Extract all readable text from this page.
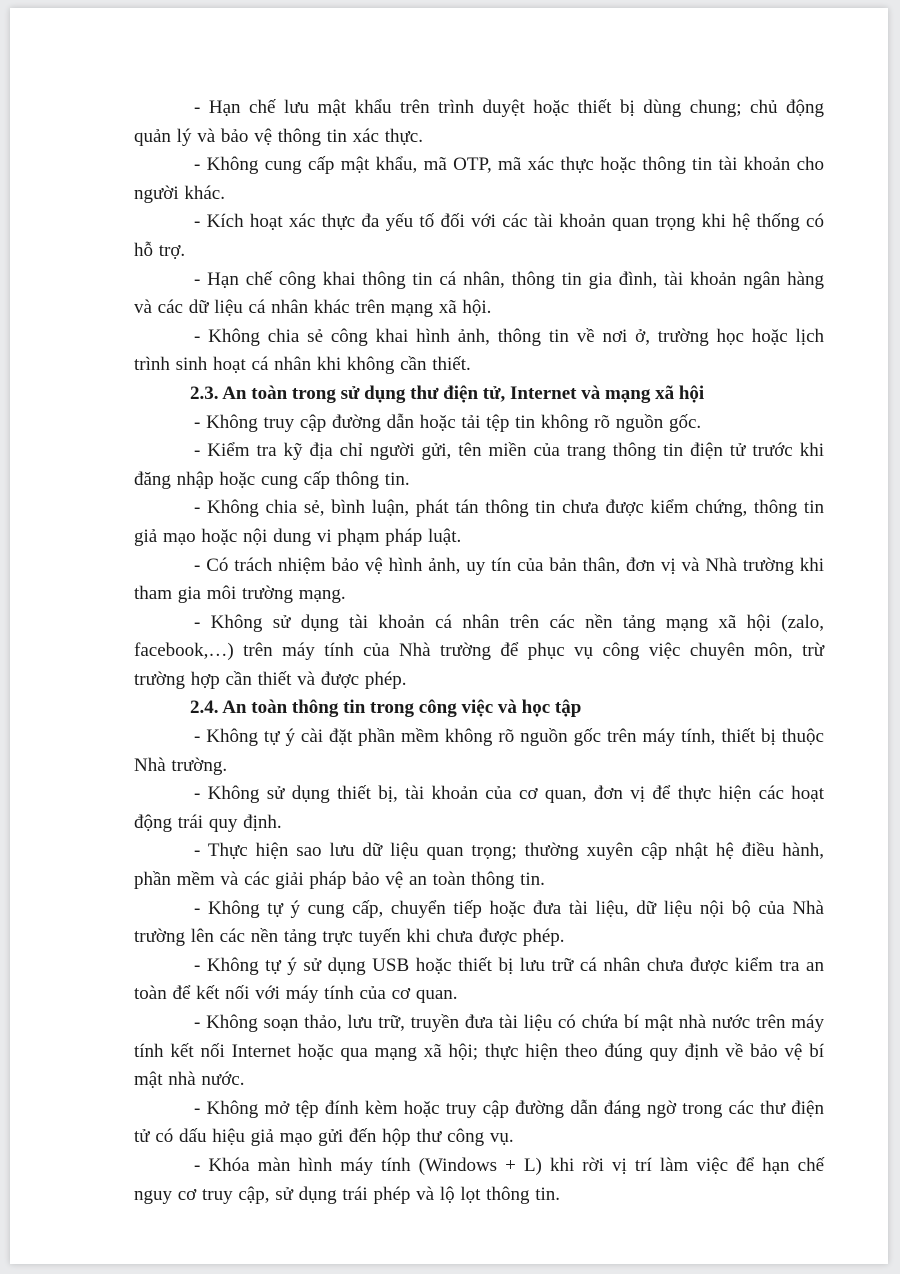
- Hạn chế lưu mật khẩu trên trình duyệt hoặc thiết bị dùng chung; chủ động quản lý và bảo vệ thông tin xác thực.

- Không cung cấp mật khẩu, mã OTP, mã xác thực hoặc thông tin tài khoản cho người khác.

- Kích hoạt xác thực đa yếu tố đối với các tài khoản quan trọng khi hệ thống có hỗ trợ.

- Hạn chế công khai thông tin cá nhân, thông tin gia đình, tài khoản ngân hàng và các dữ liệu cá nhân khác trên mạng xã hội.

- Không chia sẻ công khai hình ảnh, thông tin về nơi ở, trường học hoặc lịch trình sinh hoạt cá nhân khi không cần thiết.

2.3. An toàn trong sử dụng thư điện tử, Internet và mạng xã hội

- Không truy cập đường dẫn hoặc tải tệp tin không rõ nguồn gốc.

- Kiểm tra kỹ địa chỉ người gửi, tên miền của trang thông tin điện tử trước khi đăng nhập hoặc cung cấp thông tin.

- Không chia sẻ, bình luận, phát tán thông tin chưa được kiểm chứng, thông tin giả mạo hoặc nội dung vi phạm pháp luật.

- Có trách nhiệm bảo vệ hình ảnh, uy tín của bản thân, đơn vị và Nhà trường khi tham gia môi trường mạng.

- Không sử dụng tài khoản cá nhân trên các nền tảng mạng xã hội (zalo, facebook,…) trên máy tính của Nhà trường để phục vụ công việc chuyên môn, trừ trường hợp cần thiết và được phép.

2.4. An toàn thông tin trong công việc và học tập

- Không tự ý cài đặt phần mềm không rõ nguồn gốc trên máy tính, thiết bị thuộc Nhà trường.

- Không sử dụng thiết bị, tài khoản của cơ quan, đơn vị để thực hiện các hoạt động trái quy định.

- Thực hiện sao lưu dữ liệu quan trọng; thường xuyên cập nhật hệ điều hành, phần mềm và các giải pháp bảo vệ an toàn thông tin.

- Không tự ý cung cấp, chuyển tiếp hoặc đưa tài liệu, dữ liệu nội bộ của Nhà trường lên các nền tảng trực tuyến khi chưa được phép.

- Không tự ý sử dụng USB hoặc thiết bị lưu trữ cá nhân chưa được kiểm tra an toàn để kết nối với máy tính của cơ quan.

- Không soạn thảo, lưu trữ, truyền đưa tài liệu có chứa bí mật nhà nước trên máy tính kết nối Internet hoặc qua mạng xã hội; thực hiện theo đúng quy định về bảo vệ bí mật nhà nước.

- Không mở tệp đính kèm hoặc truy cập đường dẫn đáng ngờ trong các thư điện tử có dấu hiệu giả mạo gửi đến hộp thư công vụ.

- Khóa màn hình máy tính (Windows + L) khi rời vị trí làm việc để hạn chế nguy cơ truy cập, sử dụng trái phép và lộ lọt thông tin.
